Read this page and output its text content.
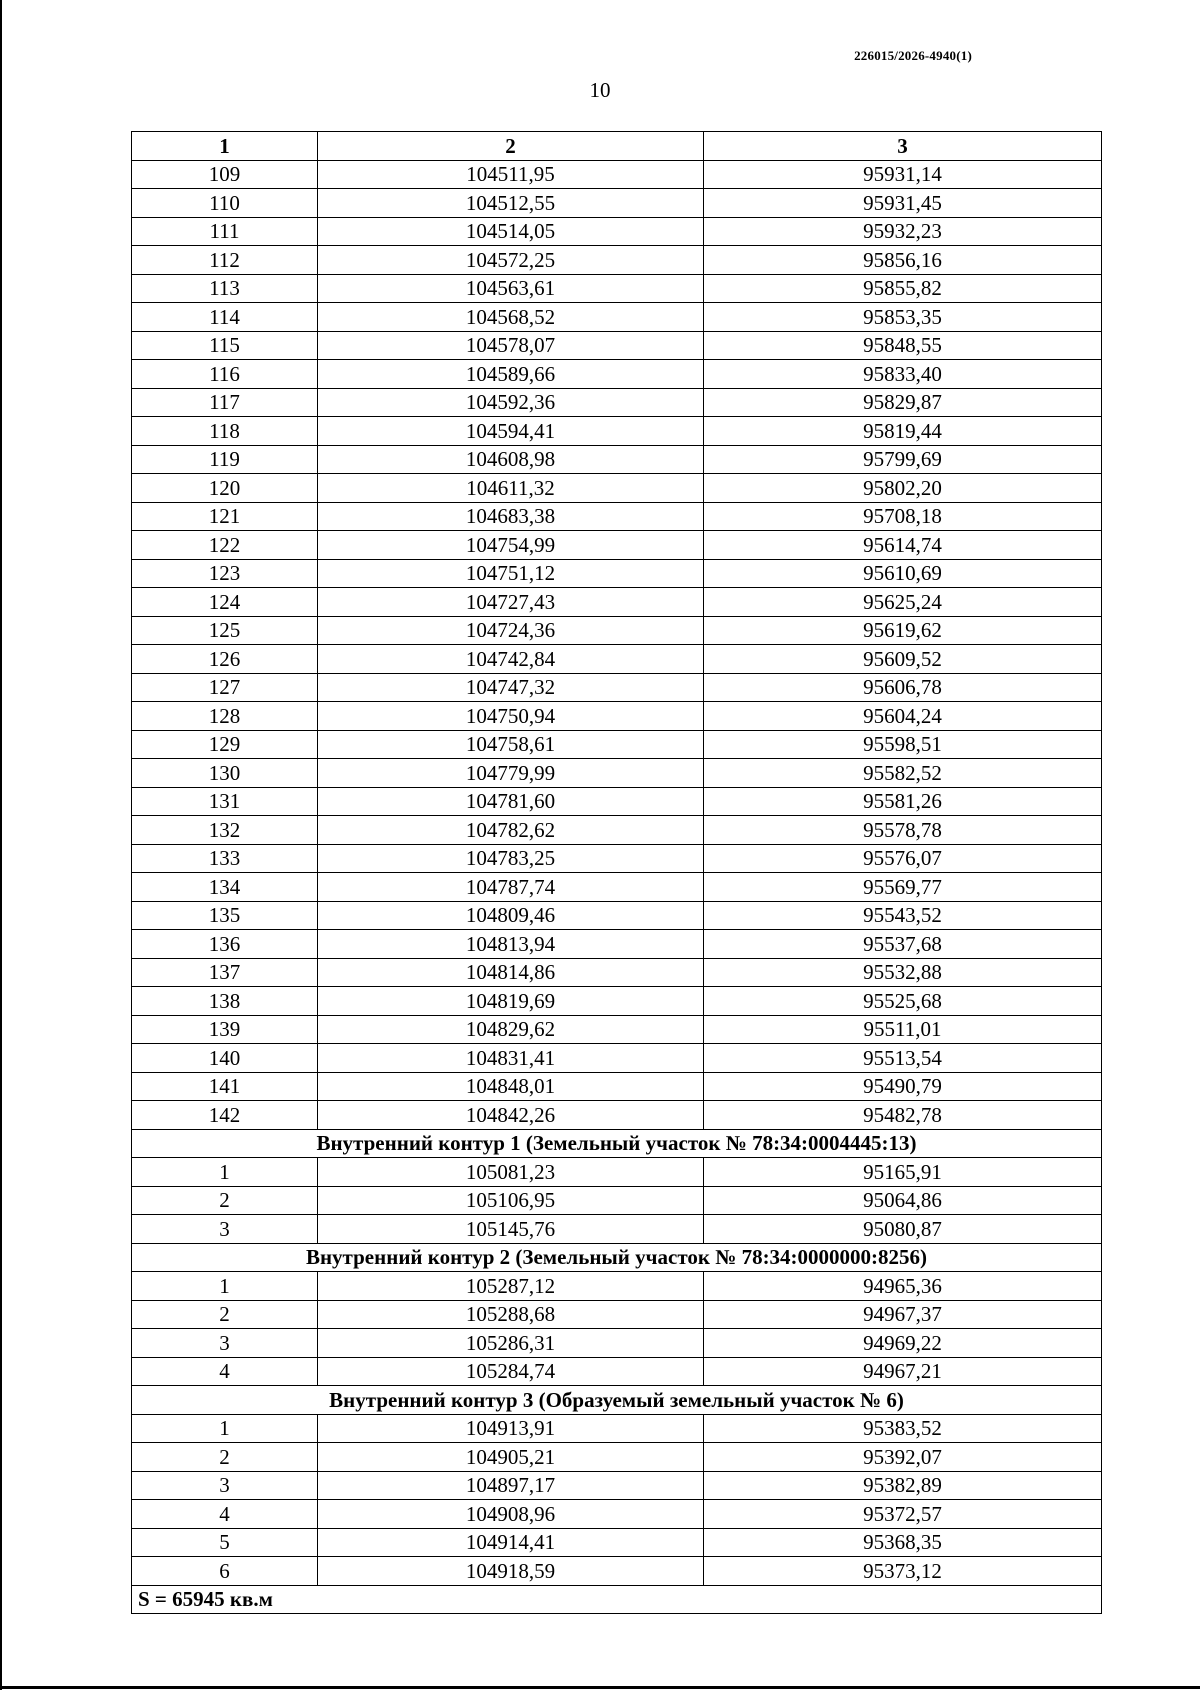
226015/2026-4940(1)
10
1	2	3
109	104511,95	95931,14
110	104512,55	95931,45
111	104514,05	95932,23
112	104572,25	95856,16
113	104563,61	95855,82
114	104568,52	95853,35
115	104578,07	95848,55
116	104589,66	95833,40
117	104592,36	95829,87
118	104594,41	95819,44
119	104608,98	95799,69
120	104611,32	95802,20
121	104683,38	95708,18
122	104754,99	95614,74
123	104751,12	95610,69
124	104727,43	95625,24
125	104724,36	95619,62
126	104742,84	95609,52
127	104747,32	95606,78
128	104750,94	95604,24
129	104758,61	95598,51
130	104779,99	95582,52
131	104781,60	95581,26
132	104782,62	95578,78
133	104783,25	95576,07
134	104787,74	95569,77
135	104809,46	95543,52
136	104813,94	95537,68
137	104814,86	95532,88
138	104819,69	95525,68
139	104829,62	95511,01
140	104831,41	95513,54
141	104848,01	95490,79
142	104842,26	95482,78
Внутренний контур 1 (Земельный участок № 78:34:0004445:13)		
1	105081,23	95165,91
2	105106,95	95064,86
3	105145,76	95080,87
Внутренний контур 2 (Земельный участок № 78:34:0000000:8256)		
1	105287,12	94965,36
2	105288,68	94967,37
3	105286,31	94969,22
4	105284,74	94967,21
Внутренний контур 3 (Образуемый земельный участок № 6)		
1	104913,91	95383,52
2	104905,21	95392,07
3	104897,17	95382,89
4	104908,96	95372,57
5	104914,41	95368,35
6	104918,59	95373,12
S = 65945 кв.м		
